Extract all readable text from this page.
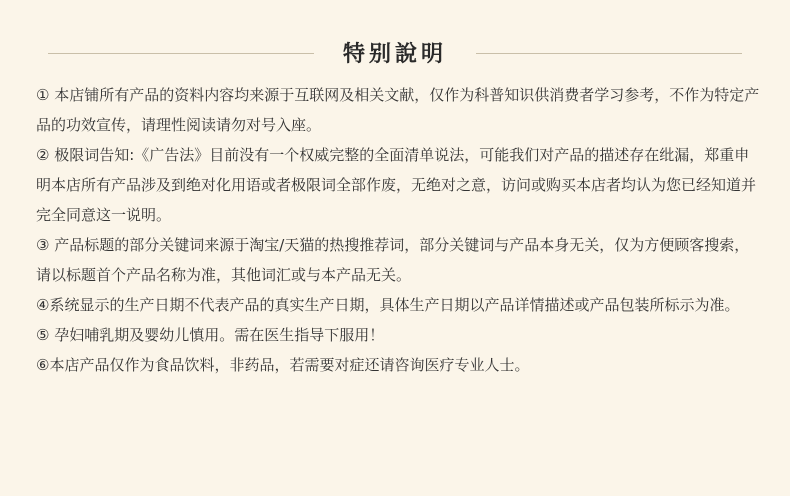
特别說明

① 本店铺所有产品的资料内容均来源于互联网及相关文献，仅作为科普知识供消费者学习参考，不作为特定产品的功效宣传，请理性阅读请勿对号入座。

② 极限词告知:《广告法》目前没有一个权威完整的全面清单说法，可能我们对产品的描述存在纰漏，郑重申明本店所有产品涉及到绝对化用语或者极限词全部作废，无绝对之意，访问或购买本店者均认为您已经知道并完全同意这一说明。

③ 产品标题的部分关键词来源于淘宝/天猫的热搜推荐词，部分关键词与产品本身无关，仅为方便顾客搜索，请以标题首个产品名称为准，其他词汇或与本产品无关。

④系统显示的生产日期不代表产品的真实生产日期，具体生产日期以产品详情描述或产品包装所标示为准。

⑤ 孕妇哺乳期及婴幼儿慎用。需在医生指导下服用！

⑥本店产品仅作为食品饮料，非药品，若需要对症还请咨询医疗专业人士。
